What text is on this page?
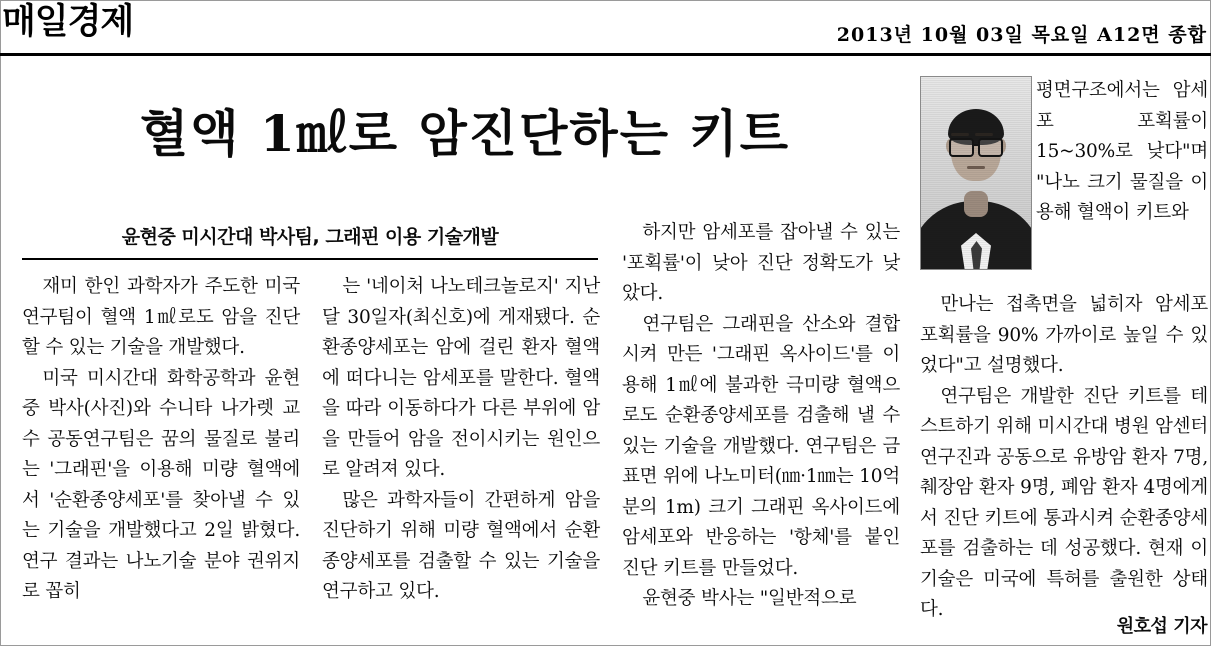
매일경제	2013년 10월 03일 목요일 A12면 종합
혈액 1㎖로 암진단하는 키트
윤현중 미시간대 박사팀, 그래핀 이용 기술개발

재미 한인 과학자가 주도한 미국 연구팀이 혈액 1㎖로도 암을 진단할 수 있는 기술을 개발했다.

미국 미시간대 화학공학과 윤현중 박사(사진)와 수니타 나가렛 교수 공동연구팀은 꿈의 물질로 불리는 '그래핀'을 이용해 미량 혈액에서 '순환종양세포'를 찾아낼 수 있는 기술을 개발했다고 2일 밝혔다. 연구 결과는 나노기술 분야 권위지로 꼽히

는 '네이처 나노테크놀로지' 지난달 30일자(최신호)에 게재됐다. 순환종양세포는 암에 걸린 환자 혈액에 떠다니는 암세포를 말한다. 혈액을 따라 이동하다가 다른 부위에 암을 만들어 암을 전이시키는 원인으로 알려져 있다.

많은 과학자들이 간편하게 암을 진단하기 위해 미량 혈액에서 순환종양세포를 검출할 수 있는 기술을 연구하고 있다.

하지만 암세포를 잡아낼 수 있는 '포획률'이 낮아 진단 정확도가 낮았다.

연구팀은 그래핀을 산소와 결합시켜 만든 '그래핀 옥사이드'를 이용해 1㎖에 불과한 극미량 혈액으로도 순환종양세포를 검출해 낼 수 있는 기술을 개발했다. 연구팀은 금 표면 위에 나노미터(㎚·1㎚는 10억분의 1m) 크기 그래핀 옥사이드에 암세포와 반응하는 '항체'를 붙인 진단 키트를 만들었다.

윤현중 박사는 "일반적으로

평면구조에서는 암세포 포획률이 15~30%로 낮다"며 "나노 크기 물질을 이용해 혈액이 키트와

만나는 접촉면을 넓히자 암세포 포획률을 90% 가까이로 높일 수 있었다"고 설명했다.

연구팀은 개발한 진단 키트를 테스트하기 위해 미시간대 병원 암센터 연구진과 공동으로 유방암 환자 7명, 췌장암 환자 9명, 폐암 환자 4명에게서 진단 키트에 통과시켜 순환종양세포를 검출하는 데 성공했다. 현재 이 기술은 미국에 특허를 출원한 상태다.

원호섭 기자
